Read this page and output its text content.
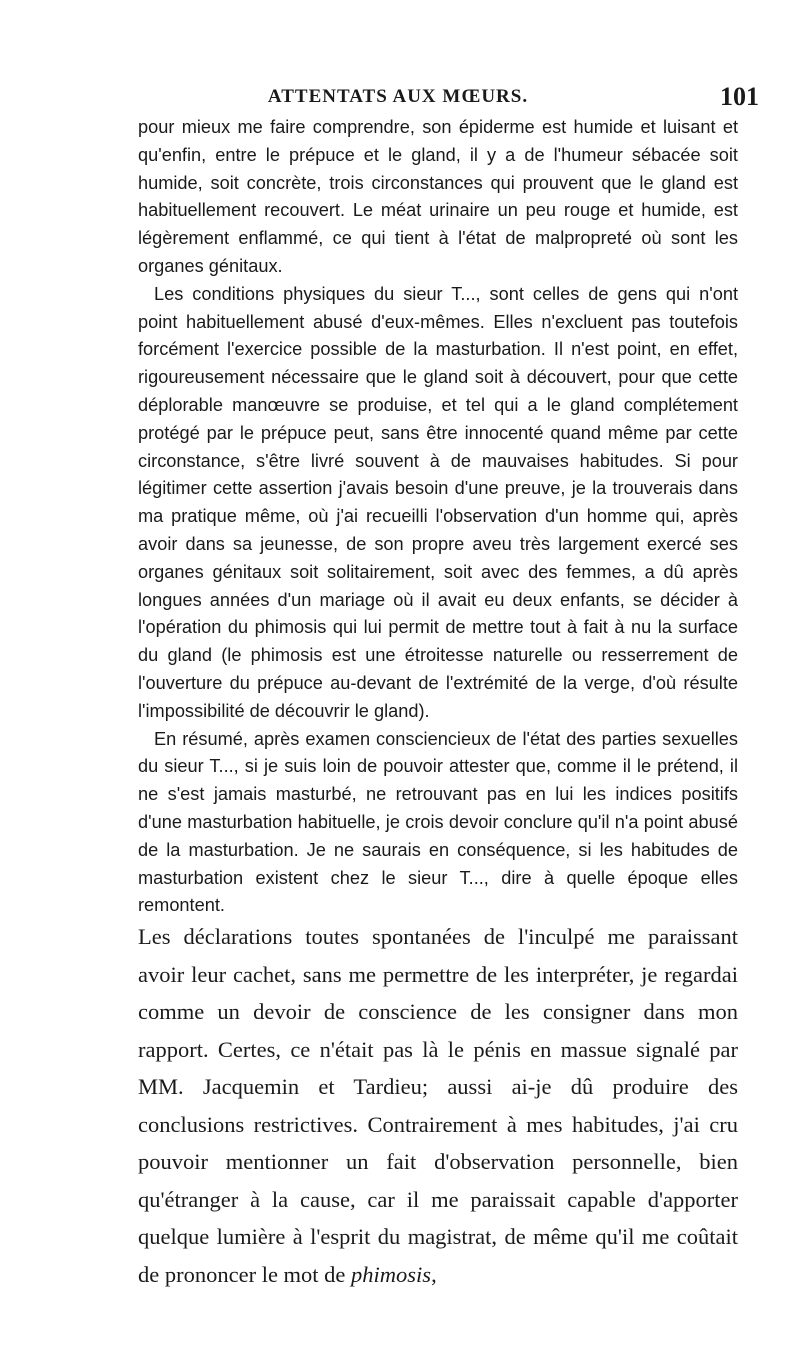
ATTENTATS AUX MŒURS.	101

pour mieux me faire comprendre, son épiderme est humide et luisant et qu'enfin, entre le prépuce et le gland, il y a de l'humeur sébacée soit humide, soit concrète, trois circonstances qui prouvent que le gland est habituellement recouvert. Le méat urinaire un peu rouge et humide, est légèrement enflammé, ce qui tient à l'état de malpropreté où sont les organes génitaux.

Les conditions physiques du sieur T..., sont celles de gens qui n'ont point habituellement abusé d'eux-mêmes. Elles n'excluent pas toutefois forcément l'exercice possible de la masturbation. Il n'est point, en effet, rigoureusement nécessaire que le gland soit à découvert, pour que cette déplorable manœuvre se produise, et tel qui a le gland complétement protégé par le prépuce peut, sans être innocenté quand même par cette circonstance, s'être livré souvent à de mauvaises habitudes. Si pour légitimer cette assertion j'avais besoin d'une preuve, je la trouverais dans ma pratique même, où j'ai recueilli l'observation d'un homme qui, après avoir dans sa jeunesse, de son propre aveu très largement exercé ses organes génitaux soit solitairement, soit avec des femmes, a dû après longues années d'un mariage où il avait eu deux enfants, se décider à l'opération du phimosis qui lui permit de mettre tout à fait à nu la surface du gland (le phimosis est une étroitesse naturelle ou resserrement de l'ouverture du prépuce au-devant de l'extrémité de la verge, d'où résulte l'impossibilité de découvrir le gland).

En résumé, après examen consciencieux de l'état des parties sexuelles du sieur T..., si je suis loin de pouvoir attester que, comme il le prétend, il ne s'est jamais masturbé, ne retrouvant pas en lui les indices positifs d'une masturbation habituelle, je crois devoir conclure qu'il n'a point abusé de la masturbation. Je ne saurais en conséquence, si les habitudes de masturbation existent chez le sieur T..., dire à quelle époque elles remontent.

Les déclarations toutes spontanées de l'inculpé me paraissant avoir leur cachet, sans me permettre de les interpréter, je regardai comme un devoir de conscience de les consigner dans mon rapport. Certes, ce n'était pas là le pénis en massue signalé par MM. Jacquemin et Tardieu; aussi ai-je dû produire des conclusions restrictives. Contrairement à mes habitudes, j'ai cru pouvoir mentionner un fait d'observation personnelle, bien qu'étranger à la cause, car il me paraissait capable d'apporter quelque lumière à l'esprit du magistrat, de même qu'il me coûtait de prononcer le mot de phimosis,
